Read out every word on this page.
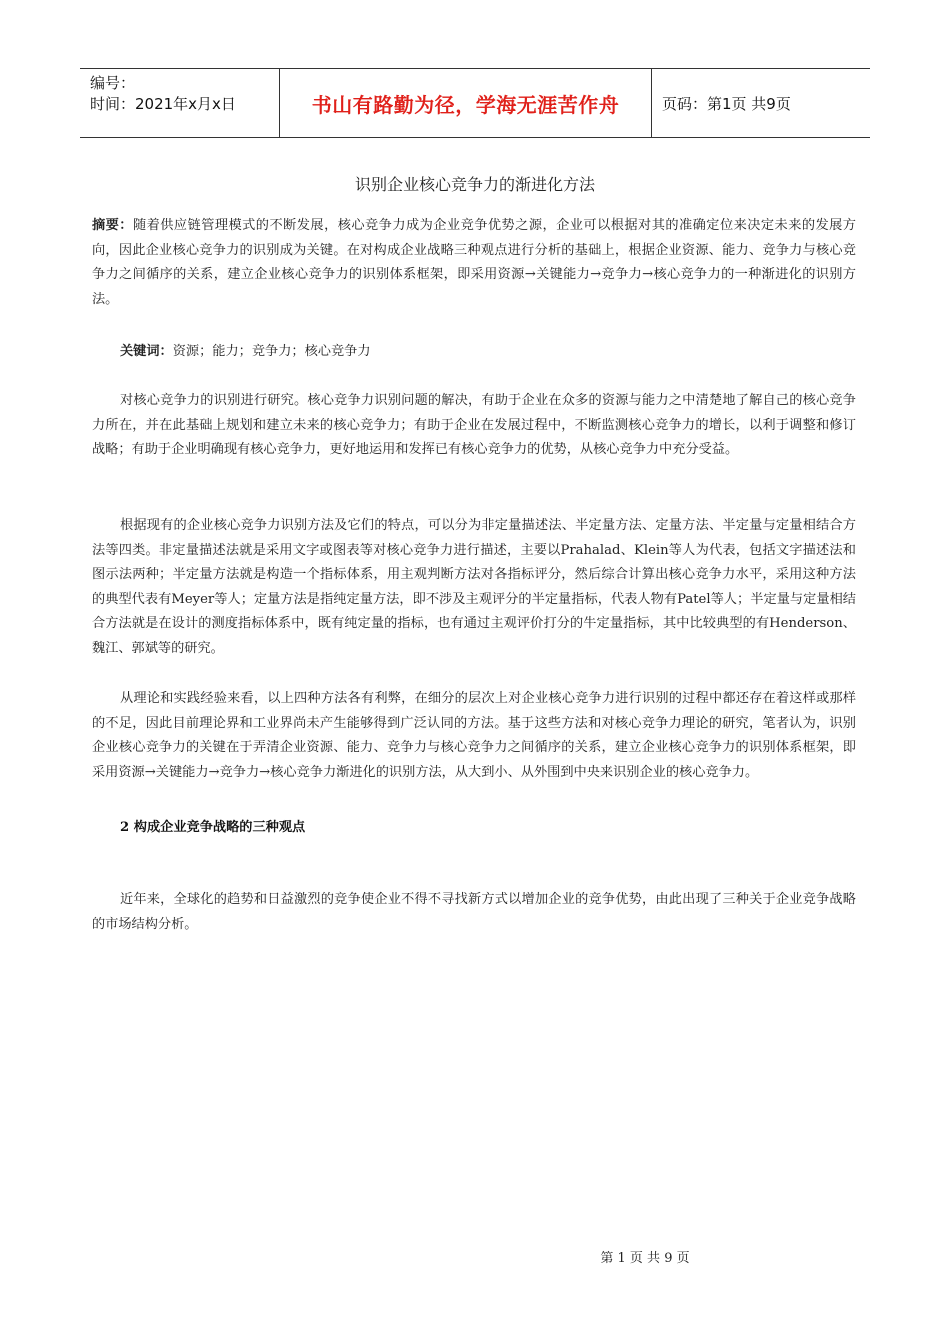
编号：
时间：2021年x月x日	书山有路勤为径，学海无涯苦作舟	页码：第1页 共9页
识别企业核心竞争力的渐进化方法
摘要：随着供应链管理模式的不断发展，核心竞争力成为企业竞争优势之源，企业可以根据对其的准确定位来决定未来的发展方向，因此企业核心竞争力的识别成为关键。在对构成企业战略三种观点进行分析的基础上，根据企业资源、能力、竞争力与核心竞争力之间循序的关系，建立企业核心竞争力的识别体系框架，即采用资源→关键能力→竞争力→核心竞争力的一种渐进化的识别方法。
关键词：资源；能力；竞争力；核心竞争力
对核心竞争力的识别进行研究。核心竞争力识别问题的解决，有助于企业在众多的资源与能力之中清楚地了解自己的核心竞争力所在，并在此基础上规划和建立未来的核心竞争力；有助于企业在发展过程中，不断监测核心竞争力的增长，以利于调整和修订战略；有助于企业明确现有核心竞争力，更好地运用和发挥已有核心竞争力的优势，从核心竞争力中充分受益。
根据现有的企业核心竞争力识别方法及它们的特点，可以分为非定量描述法、半定量方法、定量方法、半定量与定量相结合方法等四类。非定量描述法就是采用文字或图表等对核心竞争力进行描述，主要以Prahalad、Klein等人为代表，包括文字描述法和图示法两种；半定量方法就是构造一个指标体系，用主观判断方法对各指标评分，然后综合计算出核心竞争力水平，采用这种方法的典型代表有Meyer等人；定量方法是指纯定量方法，即不涉及主观评分的半定量指标，代表人物有Patel等人；半定量与定量相结合方法就是在设计的测度指标体系中，既有纯定量的指标，也有通过主观评价打分的牛定量指标，其中比较典型的有Henderson、魏江、郭斌等的研究。
从理论和实践经验来看，以上四种方法各有利弊，在细分的层次上对企业核心竞争力进行识别的过程中都还存在着这样或那样的不足，因此目前理论界和工业界尚未产生能够得到广泛认同的方法。基于这些方法和对核心竞争力理论的研究，笔者认为，识别企业核心竞争力的关键在于弄清企业资源、能力、竞争力与核心竞争力之间循序的关系，建立企业核心竞争力的识别体系框架，即采用资源→关键能力→竞争力→核心竞争力渐进化的识别方法，从大到小、从外围到中央来识别企业的核心竞争力。
2 构成企业竞争战略的三种观点
近年来，全球化的趋势和日益激烈的竞争使企业不得不寻找新方式以增加企业的竞争优势，由此出现了三种关于企业竞争战略的市场结构分析。
第 1 页 共 9 页
